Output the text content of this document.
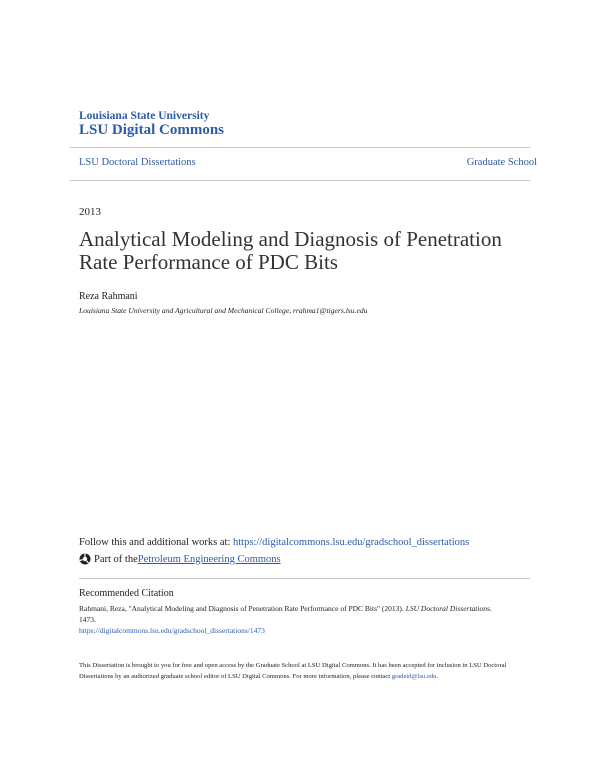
Louisiana State University
LSU Digital Commons
LSU Doctoral Dissertations	Graduate School
2013
Analytical Modeling and Diagnosis of Penetration Rate Performance of PDC Bits
Reza Rahmani
Louisiana State University and Agricultural and Mechanical College, rrahma1@tigers.lsu.edu
Follow this and additional works at: https://digitalcommons.lsu.edu/gradschool_dissertations
Part of the Petroleum Engineering Commons
Recommended Citation
Rahmani, Reza, "Analytical Modeling and Diagnosis of Penetration Rate Performance of PDC Bits" (2013). LSU Doctoral Dissertations. 1473.
https://digitalcommons.lsu.edu/gradschool_dissertations/1473
This Dissertation is brought to you for free and open access by the Graduate School at LSU Digital Commons. It has been accepted for inclusion in LSU Doctoral Dissertations by an authorized graduate school editor of LSU Digital Commons. For more information, please contact gradetd@lsu.edu.
